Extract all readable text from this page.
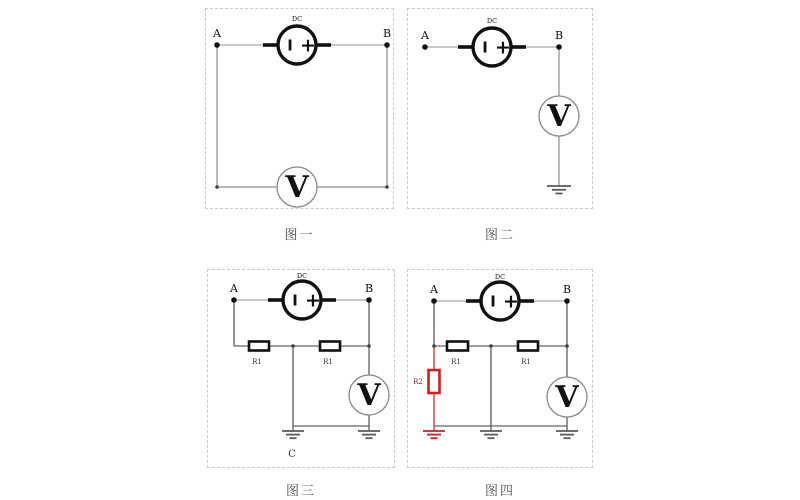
I +
DC
V
A	B
图一
I +
DC
V
A	B
图二
I +
DC
R1	R1
V
A	B
C
图三
I +
DC
R1	R1
R2	V
A	B
图四
